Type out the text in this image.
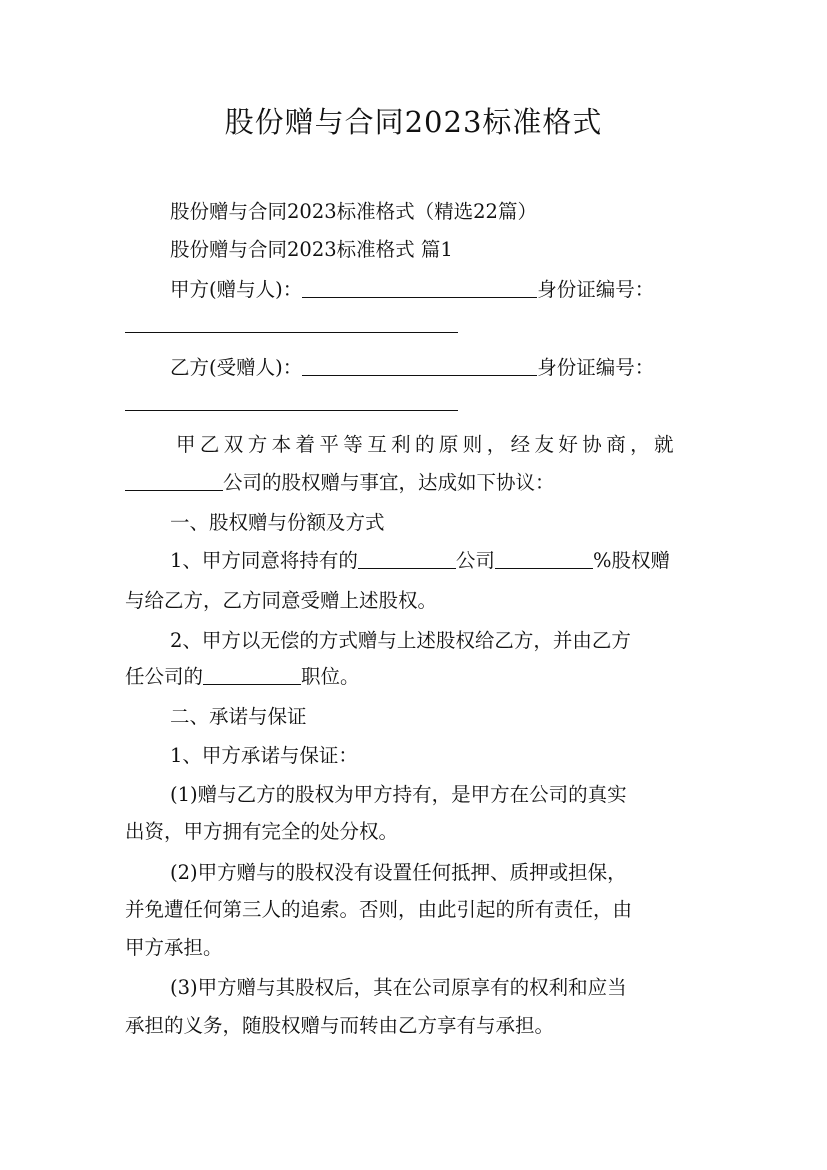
股份赠与合同2023标准格式
股份赠与合同2023标准格式（精选22篇）
股份赠与合同2023标准格式 篇1
甲方(赠与人)：	身份证编号：
乙方(受赠人)：	身份证编号：
甲乙双方本着平等互利的原则，经友好协商，就
公司的股权赠与事宜，达成如下协议：
一、股权赠与份额及方式
1、甲方同意将持有的	公司	%股权赠
与给乙方，乙方同意受赠上述股权。
2、甲方以无偿的方式赠与上述股权给乙方，并由乙方
任公司的	职位。
二、承诺与保证
1、甲方承诺与保证：
(1)赠与乙方的股权为甲方持有，是甲方在公司的真实
出资，甲方拥有完全的处分权。
(2)甲方赠与的股权没有设置任何抵押、质押或担保，
并免遭任何第三人的追索。否则，由此引起的所有责任，由
甲方承担。
(3)甲方赠与其股权后，其在公司原享有的权利和应当
承担的义务，随股权赠与而转由乙方享有与承担。
